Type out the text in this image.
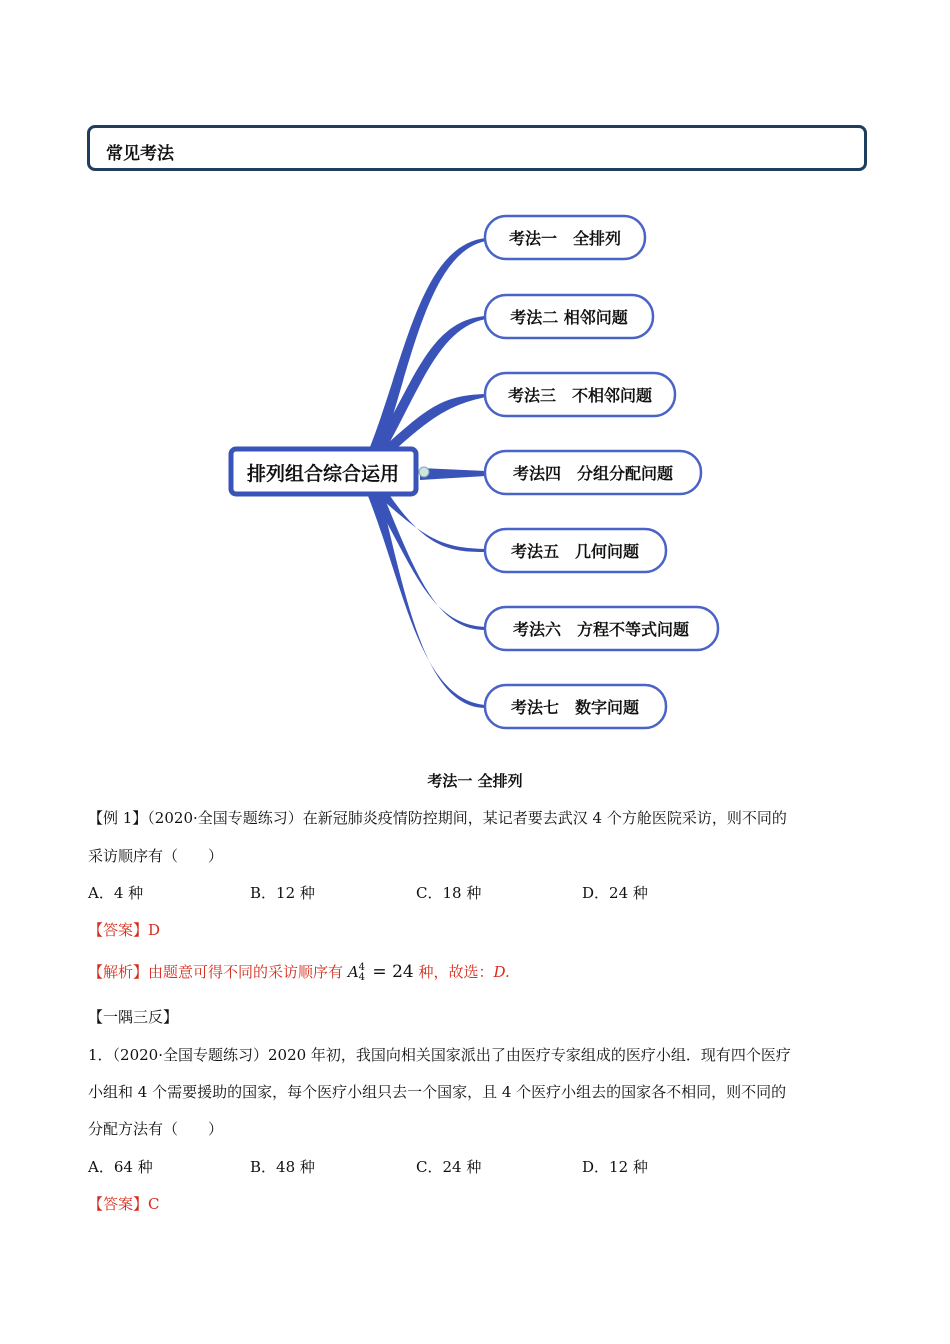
常见考法
排列组合综合运用
考法一　全排列
考法二 相邻问题
考法三　不相邻问题
考法四　分组分配问题
考法五　几何问题
考法六　方程不等式问题
考法七　数字问题
考法一 全排列
【例 1】（2020·全国专题练习）在新冠肺炎疫情防控期间，某记者要去武汉 4 个方舱医院采访，则不同的
采访顺序有（　　）
A．4 种	B．12 种	C．18 种	D．24 种
【答案】D
【解析】由题意可得不同的采访顺序有 A 4
4 = 24 种，故选：D.
【一隅三反】
1．（2020·全国专题练习）2020 年初，我国向相关国家派出了由医疗专家组成的医疗小组．现有四个医疗
小组和 4 个需要援助的国家，每个医疗小组只去一个国家，且 4 个医疗小组去的国家各不相同，则不同的
分配方法有（　　）
A．64 种	B．48 种	C．24 种	D．12 种
【答案】C
